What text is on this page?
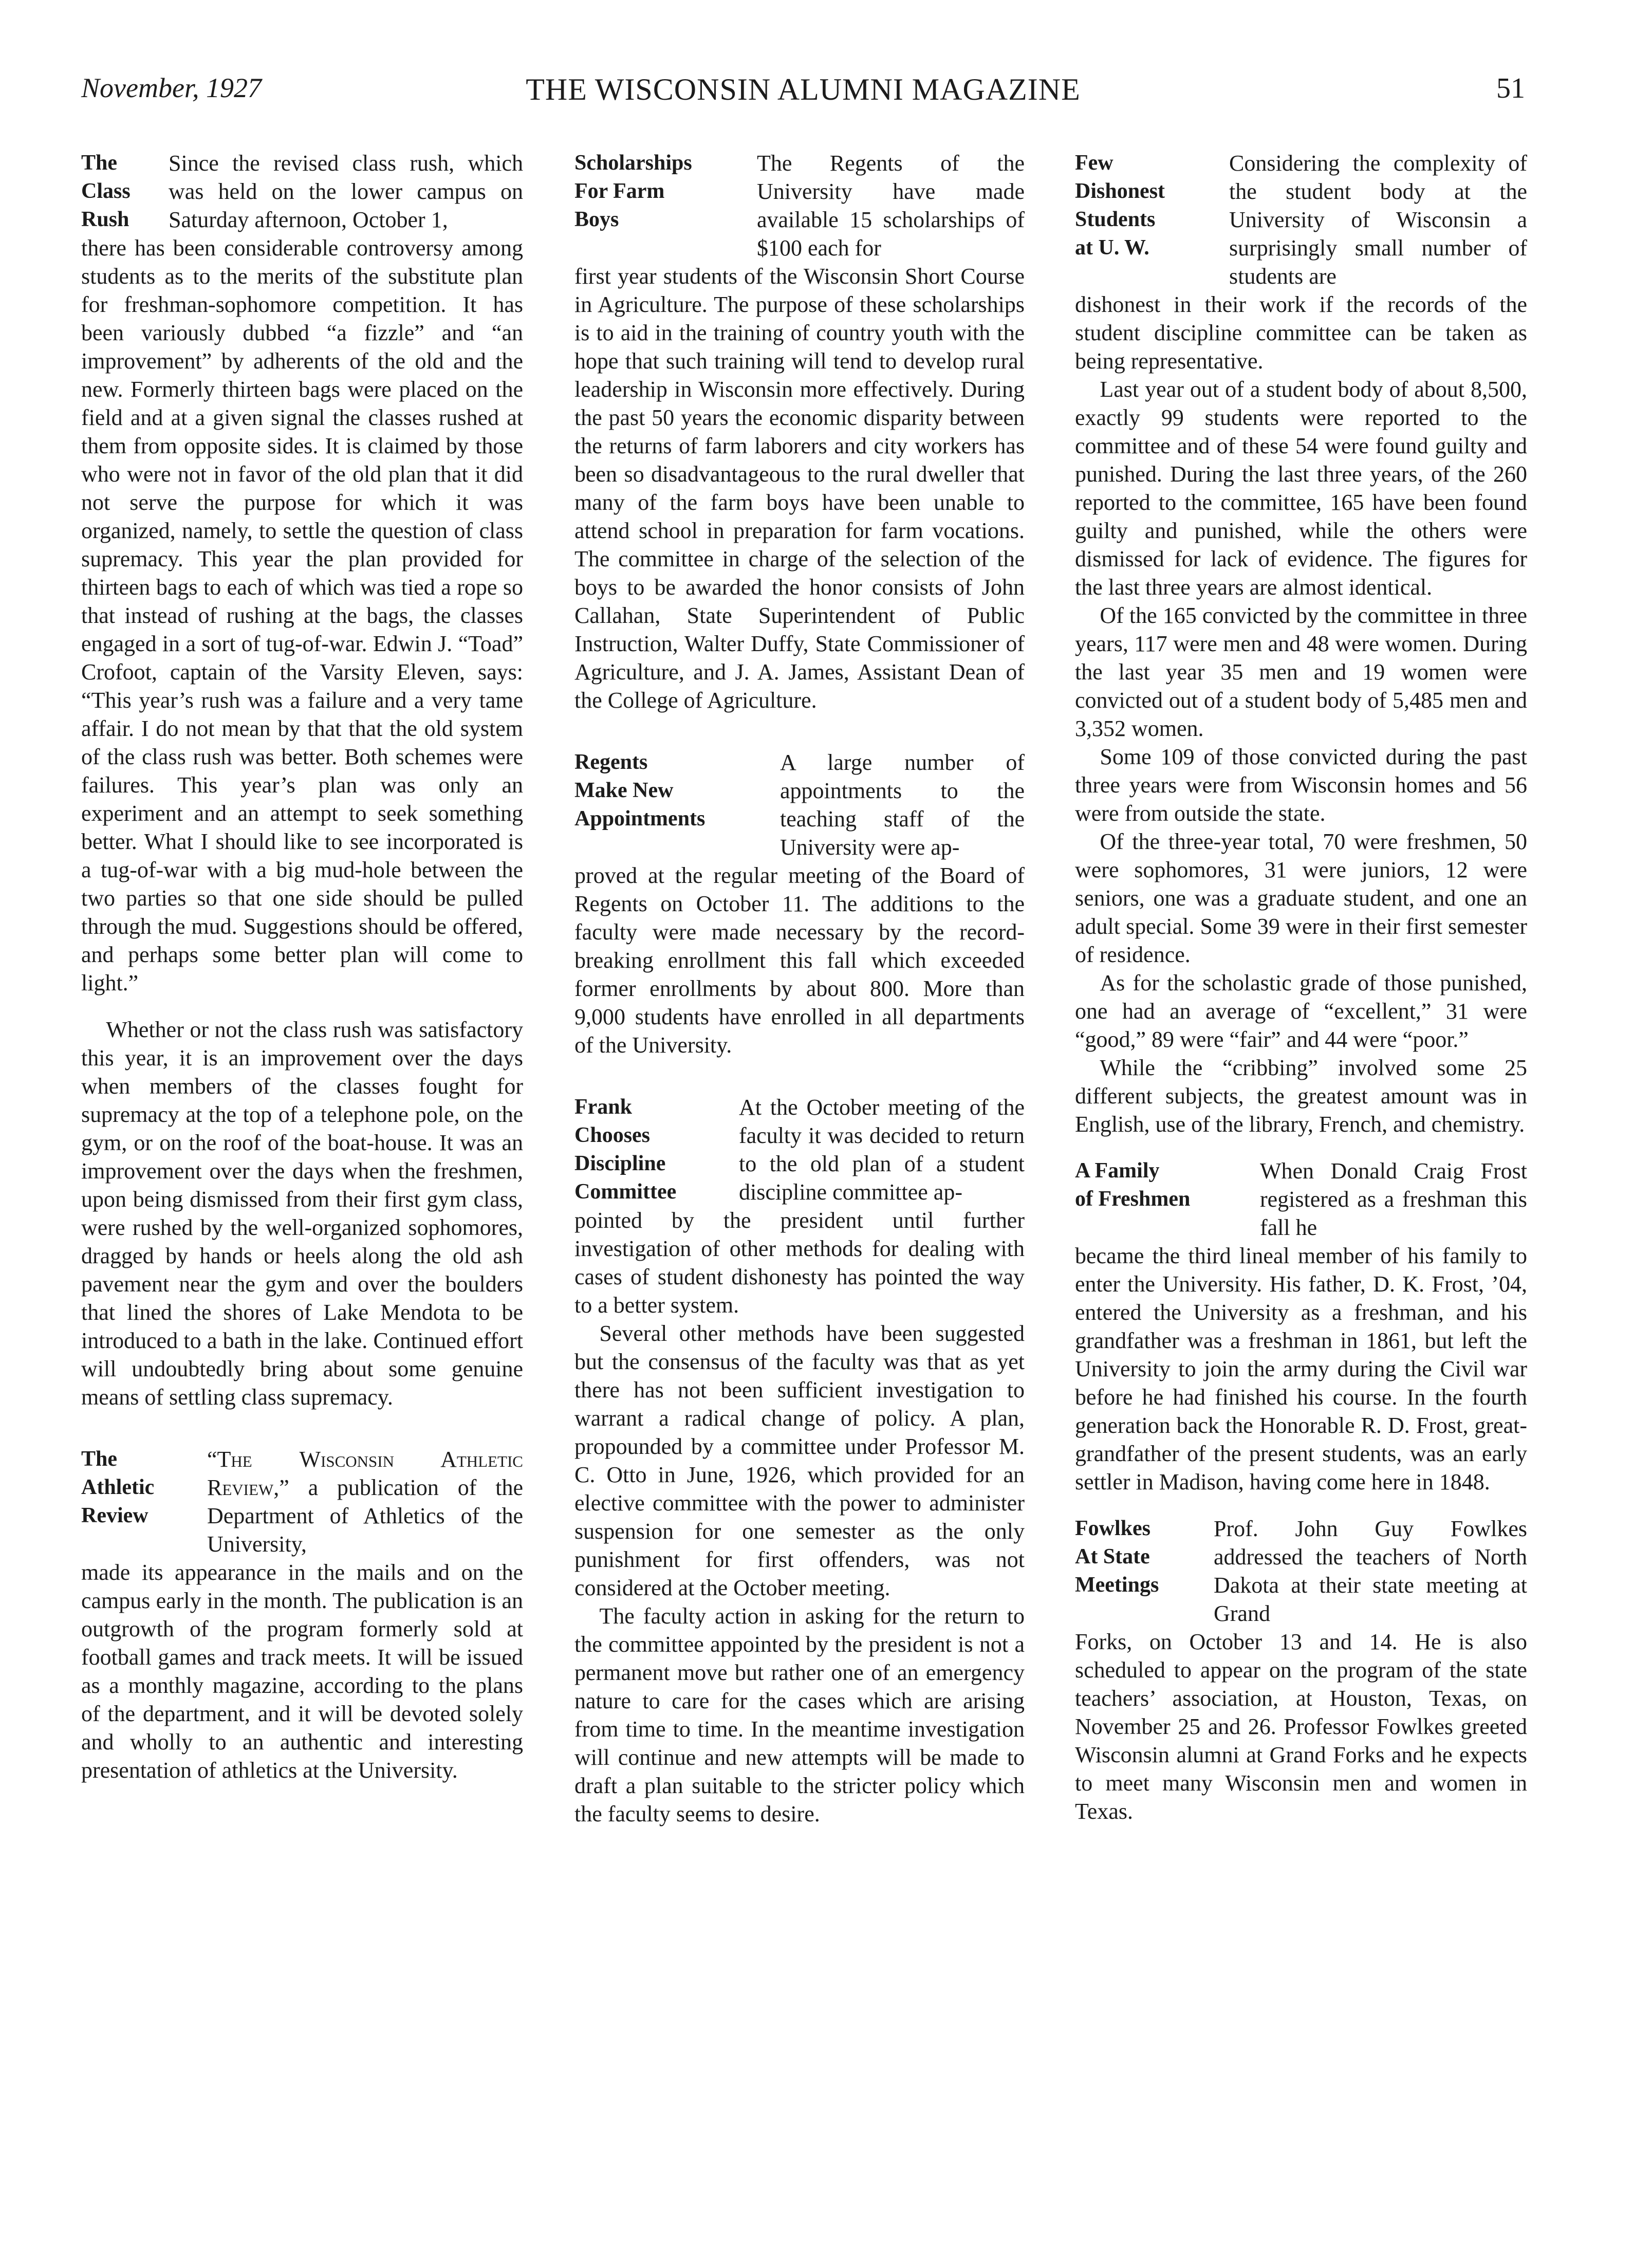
November, 1927	THE WISCONSIN ALUMNI MAGAZINE	51
The
Class
Rush
Since the revised class rush, which was held on the lower campus on Saturday afternoon, October 1,
there has been considerable controversy among students as to the merits of the substitute plan for freshman-sophomore competition. It has been variously dubbed “a fizzle” and “an improvement” by adherents of the old and the new. Formerly thirteen bags were placed on the field and at a given signal the classes rushed at them from opposite sides. It is claimed by those who were not in favor of the old plan that it did not serve the purpose for which it was organized, namely, to settle the question of class supremacy. This year the plan provided for thirteen bags to each of which was tied a rope so that instead of rushing at the bags, the classes engaged in a sort of tug-of-war. Edwin J. “Toad” Crofoot, captain of the Varsity Eleven, says: “This year’s rush was a failure and a very tame affair. I do not mean by that that the old system of the class rush was better. Both schemes were failures. This year’s plan was only an experiment and an attempt to seek something better. What I should like to see incorporated is a tug-of-war with a big mud-hole between the two parties so that one side should be pulled through the mud. Suggestions should be offered, and perhaps some better plan will come to light.”

Whether or not the class rush was satisfactory this year, it is an improvement over the days when members of the classes fought for supremacy at the top of a telephone pole, on the gym, or on the roof of the boat-house. It was an improvement over the days when the freshmen, upon being dismissed from their first gym class, were rushed by the well-organized sophomores, dragged by hands or heels along the old ash pavement near the gym and over the boulders that lined the shores of Lake Mendota to be introduced to a bath in the lake. Continued effort will undoubtedly bring about some genuine means of settling class supremacy.

The
Athletic
Review
“The Wisconsin Athletic Review,” a publication of the Department of Athletics of the University,
made its appearance in the mails and on the campus early in the month. The publication is an outgrowth of the program formerly sold at football games and track meets. It will be issued as a monthly magazine, according to the plans of the department, and it will be devoted solely and wholly to an authentic and interesting presentation of athletics at the University.
Scholarships
For Farm
Boys
The Regents of the University have made available 15 scholarships of $100 each for
first year students of the Wisconsin Short Course in Agriculture. The purpose of these scholarships is to aid in the training of country youth with the hope that such training will tend to develop rural leadership in Wisconsin more effectively. During the past 50 years the economic disparity between the returns of farm laborers and city workers has been so disadvantageous to the rural dweller that many of the farm boys have been unable to attend school in preparation for farm vocations. The committee in charge of the selection of the boys to be awarded the honor consists of John Callahan, State Superintendent of Public Instruction, Walter Duffy, State Commissioner of Agriculture, and J. A. James, Assistant Dean of the College of Agriculture.
Regents
Make New
Appointments
A large number of appointments to the teaching staff of the University were ap-
proved at the regular meeting of the Board of Regents on October 11. The additions to the faculty were made necessary by the record-breaking enrollment this fall which exceeded former enrollments by about 800. More than 9,000 students have enrolled in all departments of the University.
Frank
Chooses
Discipline
Committee
At the October meeting of the faculty it was decided to return to the old plan of a student discipline committee ap-
pointed by the president until further investigation of other methods for dealing with cases of student dishonesty has pointed the way to a better system.

Several other methods have been suggested but the consensus of the faculty was that as yet there has not been sufficient investigation to warrant a radical change of policy. A plan, propounded by a committee under Professor M. C. Otto in June, 1926, which provided for an elective committee with the power to administer suspension for one semester as the only punishment for first offenders, was not considered at the October meeting.

The faculty action in asking for the return to the committee appointed by the president is not a permanent move but rather one of an emergency nature to care for the cases which are arising from time to time. In the meantime investigation will continue and new attempts will be made to draft a plan suitable to the stricter policy which the faculty seems to desire.

Few
Dishonest
Students
at U. W.
Considering the complexity of the student body at the University of Wisconsin a surprisingly small number of students are
dishonest in their work if the records of the student discipline committee can be taken as being representative.

Last year out of a student body of about 8,500, exactly 99 students were reported to the committee and of these 54 were found guilty and punished. During the last three years, of the 260 reported to the committee, 165 have been found guilty and punished, while the others were dismissed for lack of evidence. The figures for the last three years are almost identical.

Of the 165 convicted by the committee in three years, 117 were men and 48 were women. During the last year 35 men and 19 women were convicted out of a student body of 5,485 men and 3,352 women.

Some 109 of those convicted during the past three years were from Wisconsin homes and 56 were from outside the state.

Of the three-year total, 70 were freshmen, 50 were sophomores, 31 were juniors, 12 were seniors, one was a graduate student, and one an adult special. Some 39 were in their first semester of residence.

As for the scholastic grade of those punished, one had an average of “excellent,” 31 were “good,” 89 were “fair” and 44 were “poor.”

While the “cribbing” involved some 25 different subjects, the greatest amount was in English, use of the library, French, and chemistry.

A Family
of Freshmen
When Donald Craig Frost registered as a freshman this fall he
became the third lineal member of his family to enter the University. His father, D. K. Frost, ’04, entered the University as a freshman, and his grandfather was a freshman in 1861, but left the University to join the army during the Civil war before he had finished his course. In the fourth generation back the Honorable R. D. Frost, great-grandfather of the present students, was an early settler in Madison, having come here in 1848.
Fowlkes
At State
Meetings
Prof. John Guy Fowlkes addressed the teachers of North Dakota at their state meeting at Grand
Forks, on October 13 and 14. He is also scheduled to appear on the program of the state teachers’ association, at Houston, Texas, on November 25 and 26. Professor Fowlkes greeted Wisconsin alumni at Grand Forks and he expects to meet many Wisconsin men and women in Texas.
